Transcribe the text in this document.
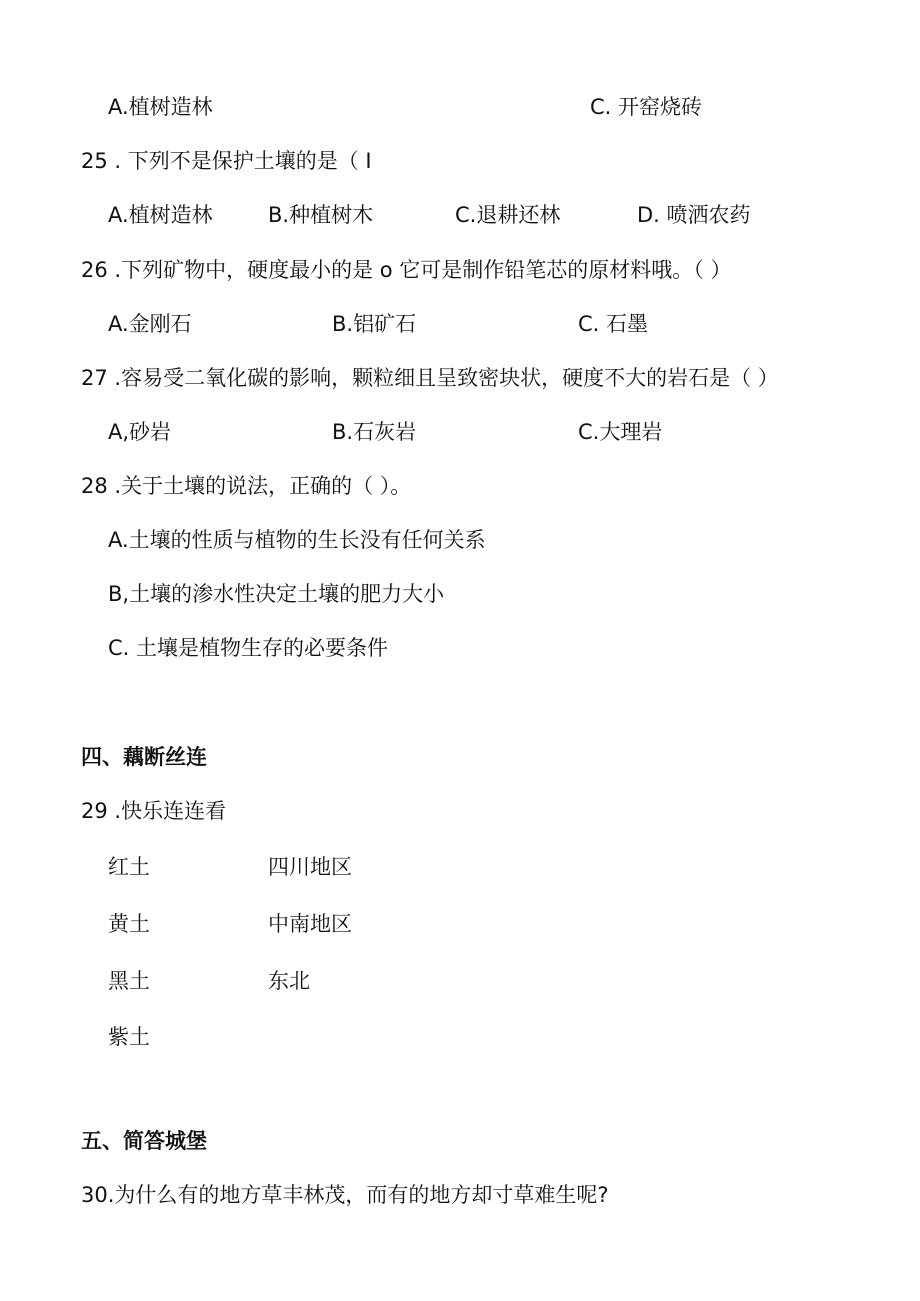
A.植树造林	C. 开窑烧砖
25 . 下列不是保护土壤的是（ I
A.植树造林	B.种植树木	C.退耕还林	D. 喷洒农药
26 .下列矿物中，硬度最小的是 o 它可是制作铅笔芯的原材料哦。（ ）
A.金刚石	B.铝矿石	C. 石墨
27 .容易受二氧化碳的影响，颗粒细且呈致密块状，硬度不大的岩石是（ ）
A,砂岩	B.石灰岩	C.大理岩
28 .关于土壤的说法，正确的（ ）。
A.土壤的性质与植物的生长没有任何关系
B,土壤的渗水性决定土壤的肥力大小
C. 土壤是植物生存的必要条件
四、藕断丝连
29 .快乐连连看
红土	四川地区
黄土	中南地区
黑土	东北
紫土
五、简答城堡
30.为什么有的地方草丰林茂，而有的地方却寸草难生呢?
